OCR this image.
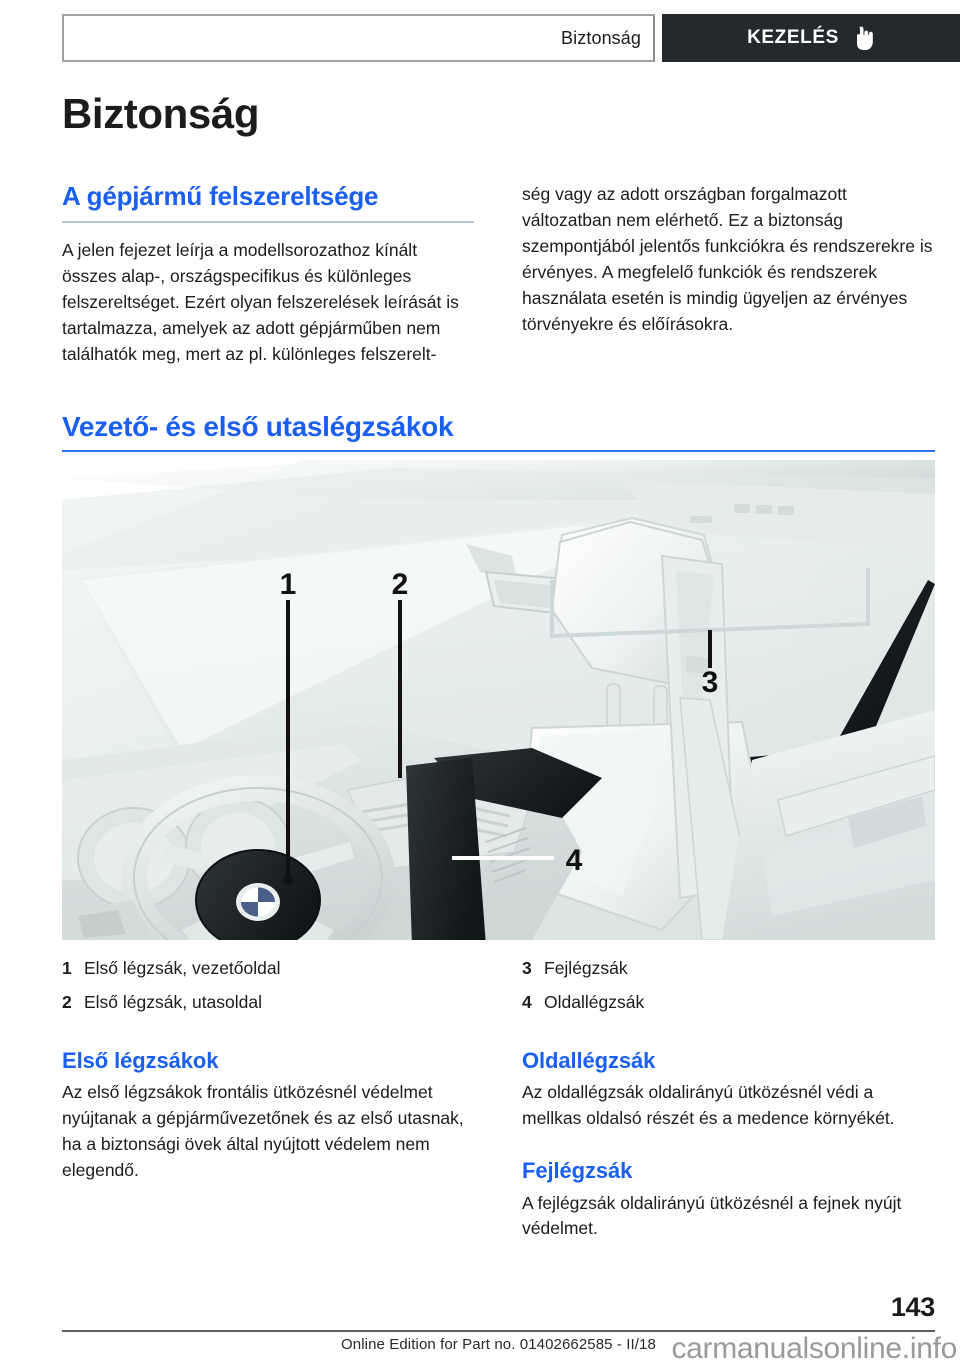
Biztonság	KEZELÉS
Biztonság
A gépjármű felszereltsége

A jelen fejezet leírja a modellsorozathoz kínált összes alap-, országspecifikus és különleges felszereltséget. Ezért olyan felszerelések leírását is tartalmazza, amelyek az adott gépjárműben nem találhatók meg, mert az pl. különleges felszerelt-

ség vagy az adott országban forgalmazott változatban nem elérhető. Ez a biztonság szempontjából jelentős funkciókra és rendszerekre is érvényes. A megfelelő funkciók és rendszerek használata esetén is mindig ügyeljen az érvényes törvényekre és előírásokra.

Vezető- és első utaslégzsákok
1	2
3
4
1 Első légzsák, vezetőoldal
2 Első légzsák, utasoldal
3 Fejlégzsák
4 Oldallégzsák
Első légzsákok

Az első légzsákok frontális ütközésnél védelmet nyújtanak a gépjárművezetőnek és az első utasnak, ha a biztonsági övek által nyújtott védelem nem elegendő.

Oldallégzsák

Az oldallégzsák oldalirányú ütközésnél védi a mellkas oldalsó részét és a medence környékét.

Fejlégzsák

A fejlégzsák oldalirányú ütközésnél a fejnek nyújt védelmet.

143
Online Edition for Part no. 01402662585 - II/18 carmanualsonline.info
